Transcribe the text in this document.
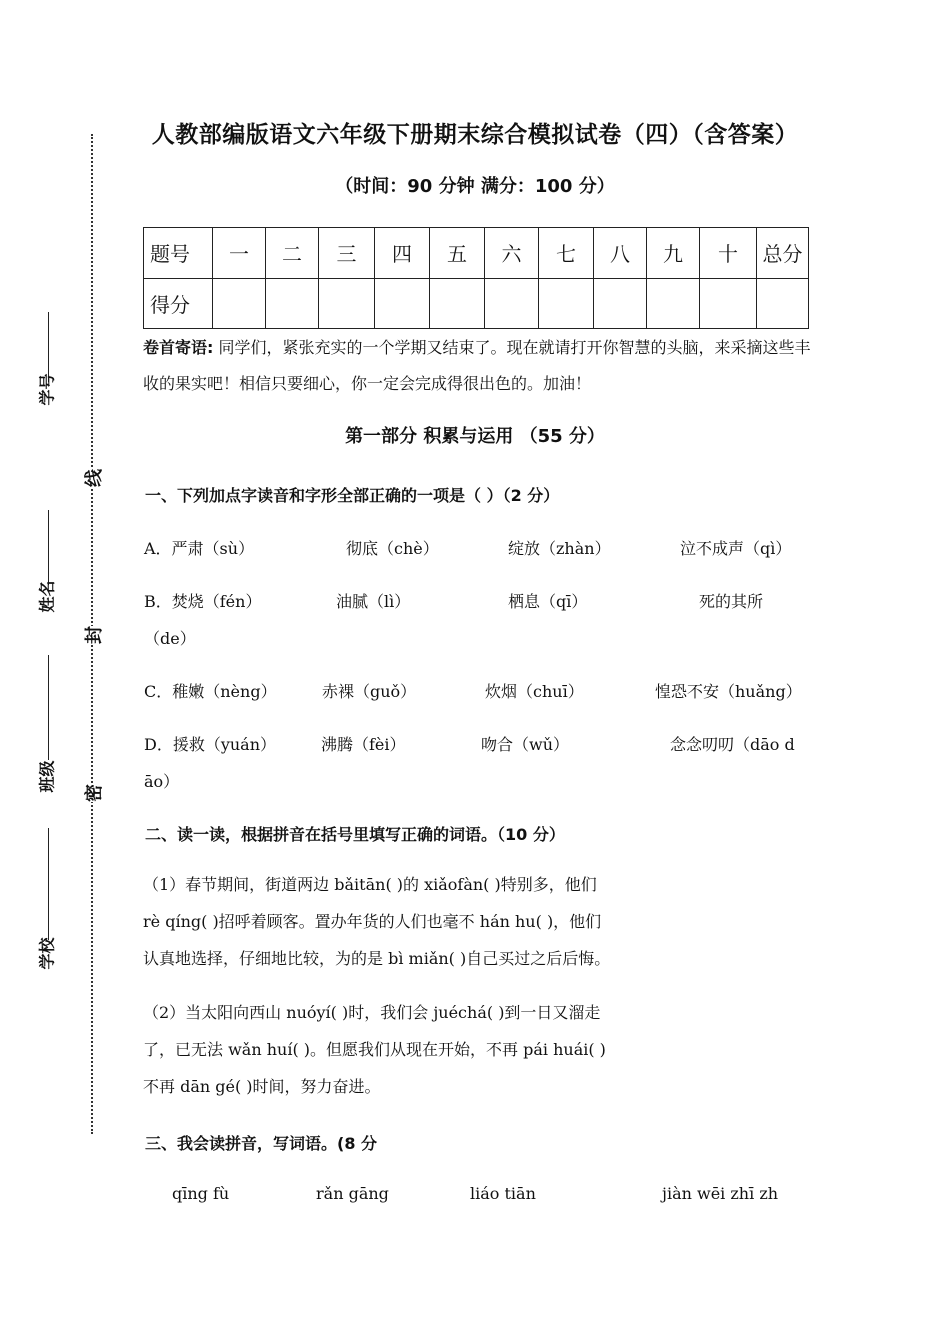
学号
姓名
班级
学校
线
封
密
人教部编版语文六年级下册期末综合模拟试卷（四）（含答案）
（时间：90 分钟 满分：100 分）
题号	一	二	三	四	五	六	七	八	九	十	总分
得分											
卷首寄语: 同学们，紧张充实的一个学期又结束了。现在就请打开你智慧的头脑，来采摘这些丰收的果实吧！相信只要细心，你一定会完成得很出色的。加油！
第一部分 积累与运用 （55 分）
一、下列加点字读音和字形全部正确的一项是（ ）（2 分）
A．严肃（sù）	彻底（chè）	绽放（zhàn）	泣不成声（qì）
B．焚烧（fén）	油腻（lì）	栖息（qī）	死的其所
（de）
C．稚嫩（nèng）	赤裸（guǒ）	炊烟（chuī）	惶恐不安（huǎng）
D．援救（yuán）	沸腾（fèi）	吻合（wǔ）	念念叨叨（dāo d
āo）
二、读一读，根据拼音在括号里填写正确的词语。（10 分）
（1）春节期间，街道两边 bǎitān( )的 xiǎofàn( )特别多，他们
rè qíng( )招呼着顾客。置办年货的人们也毫不 hán hu( )，他们
认真地选择，仔细地比较，为的是 bì miǎn( )自己买过之后后悔。
（2）当太阳向西山 nuóyí( )时，我们会 juéchá( )到一日又溜走
了，已无法 wǎn huí( )。但愿我们从现在开始，不再 pái huái( )
不再 dān gé( )时间，努力奋进。
三、我会读拼音，写词语。(8 分
qīng fù	rǎn gāng	liáo tiān	jiàn wēi zhī zh
